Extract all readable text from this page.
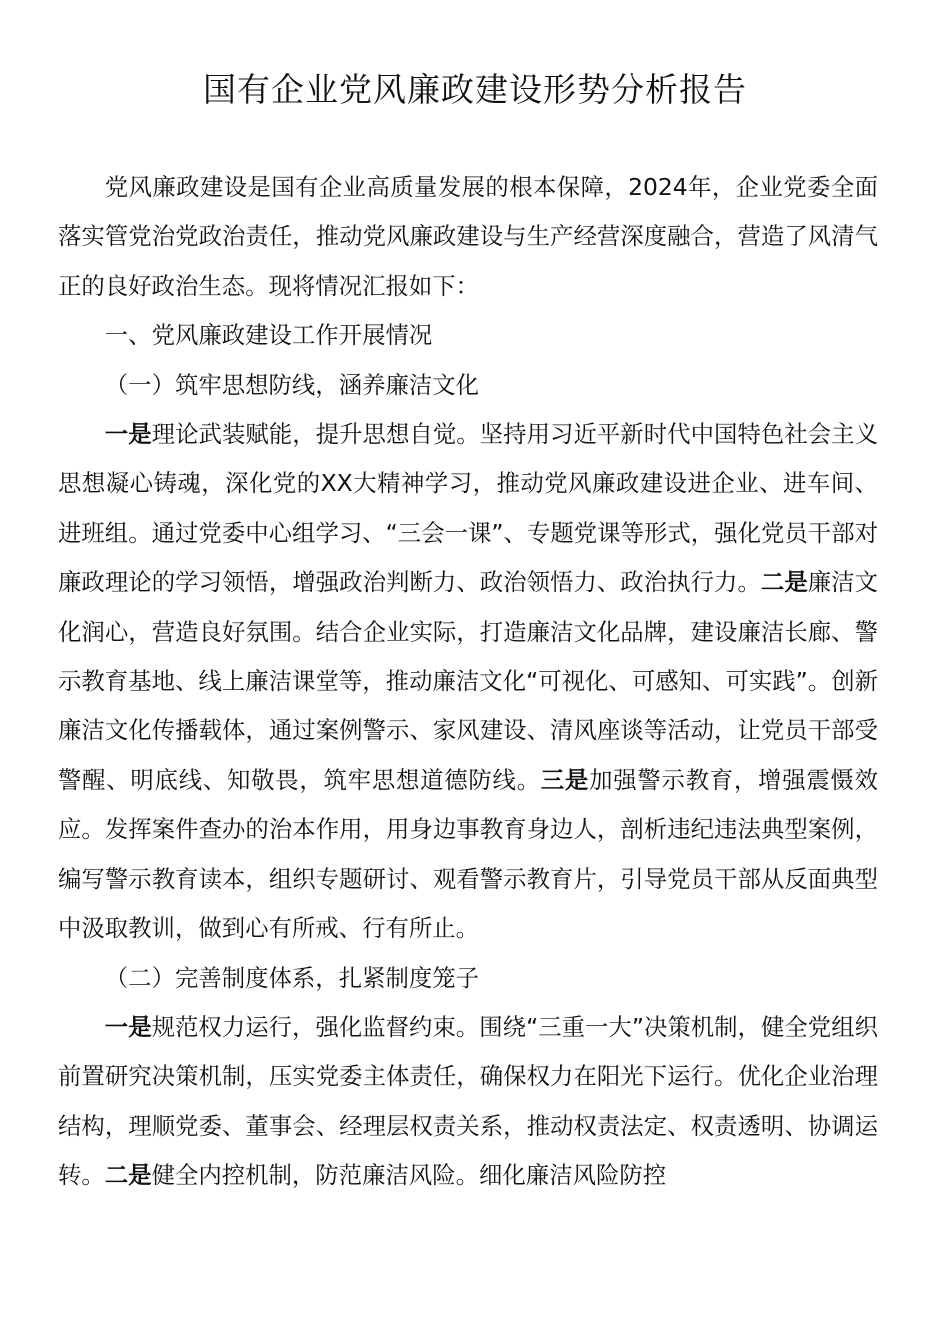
国有企业党风廉政建设形势分析报告

党风廉政建设是国有企业高质量发展的根本保障，2024年，企业党委全面落实管党治党政治责任，推动党风廉政建设与生产经营深度融合，营造了风清气正的良好政治生态。现将情况汇报如下：

一、党风廉政建设工作开展情况

（一）筑牢思想防线，涵养廉洁文化

一是理论武装赋能，提升思想自觉。坚持用习近平新时代中国特色社会主义思想凝心铸魂，深化党的XX大精神学习，推动党风廉政建设进企业、进车间、进班组。通过党委中心组学习、“三会一课”、专题党课等形式，强化党员干部对廉政理论的学习领悟，增强政治判断力、政治领悟力、政治执行力。二是廉洁文化润心，营造良好氛围。结合企业实际，打造廉洁文化品牌，建设廉洁长廊、警示教育基地、线上廉洁课堂等，推动廉洁文化“可视化、可感知、可实践”。创新廉洁文化传播载体，通过案例警示、家风建设、清风座谈等活动，让党员干部受警醒、明底线、知敬畏，筑牢思想道德防线。三是加强警示教育，增强震慑效应。发挥案件查办的治本作用，用身边事教育身边人，剖析违纪违法典型案例，编写警示教育读本，组织专题研讨、观看警示教育片，引导党员干部从反面典型中汲取教训，做到心有所戒、行有所止。

（二）完善制度体系，扎紧制度笼子

一是规范权力运行，强化监督约束。围绕“三重一大”决策机制，健全党组织前置研究决策机制，压实党委主体责任，确保权力在阳光下运行。优化企业治理结构，理顺党委、董事会、经理层权责关系，推动权责法定、权责透明、协调运转。二是健全内控机制，防范廉洁风险。细化廉洁风险防控
